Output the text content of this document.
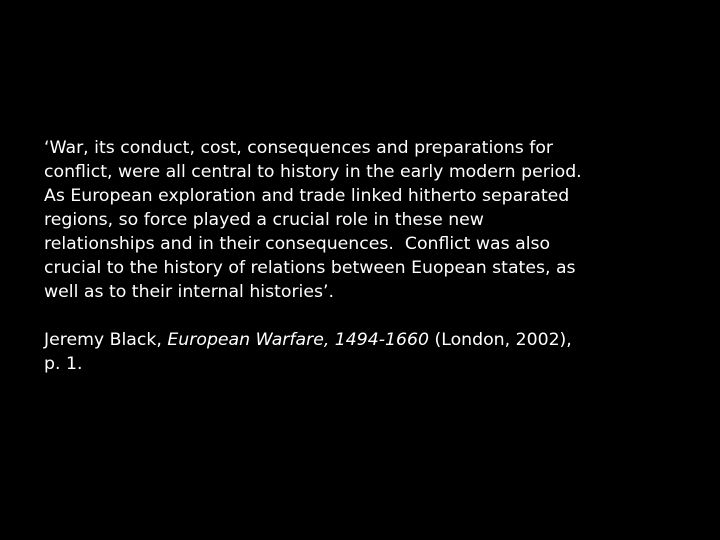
‘War, its conduct, cost, consequences and preparations for
conflict, were all central to history in the early modern period.
As European exploration and trade linked hitherto separated
regions, so force played a crucial role in these new
relationships and in their consequences.  Conflict was also
crucial to the history of relations between Euopean states, as
well as to their internal histories’.
Jeremy Black, European Warfare, 1494-1660 (London, 2002),
p. 1.
